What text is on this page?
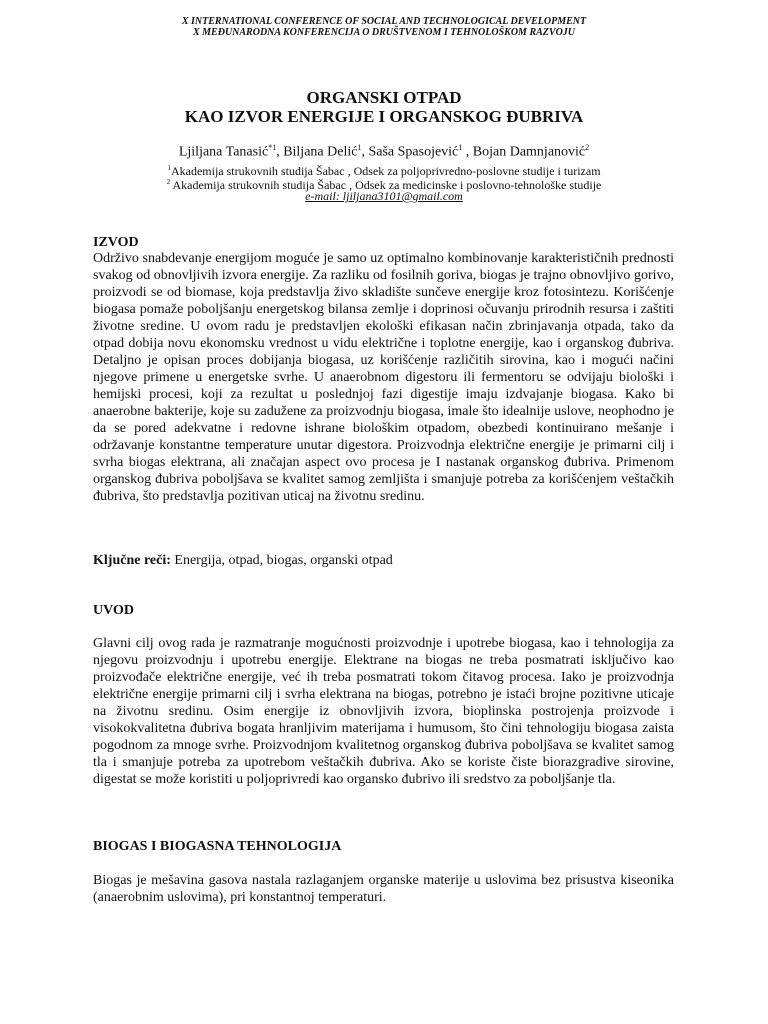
X INTERNATIONAL CONFERENCE OF SOCIAL AND TECHNOLOGICAL DEVELOPMENT
X MEĐUNARODNA KONFERENCIJA O DRUŠTVENOM I TEHNOLOŠKOM RAZVOJU
ORGANSKI OTPAD
KAO IZVOR ENERGIJE I ORGANSKOG ĐUBRIVA
Ljiljana Tanasić$^{*1}$, Biljana Delić$^1$, Saša Spasojević$^1$ , Bojan Damnjanović$^2$
$^1$Akademija strukovnih studija Šabac , Odsek za poljoprivredno-poslovne studije i turizam
$^2$ Akademija strukovnih studija Šabac , Odsek za medicinske i poslovno-tehnološke studije
e-mail: ljiljana3101@gmail.com
IZVOD

Održivo snabdevanje energijom moguće je samo uz optimalno kombinovanje karakterističnih prednosti svakog od obnovljivih izvora energije. Za razliku od fosilnih goriva, biogas je trajno obnovljivo gorivo, proizvodi se od biomase, koja predstavlja živo skladište sunčeve energije kroz fotosintezu. Korišćenje biogasa pomaže poboljšanju energetskog bilansa zemlje i doprinosi očuvanju prirodnih resursa i zaštiti životne sredine. U ovom radu je predstavljen ekološki efikasan način zbrinjavanja otpada, tako da otpad dobija novu ekonomsku vrednost u vidu električne i toplotne energije, kao i organskog đubriva. Detaljno je opisan proces dobijanja biogasa, uz korišćenje različitih sirovina, kao i mogući načini njegove primene u energetske svrhe. U anaerobnom digestoru ili fermentoru se odvijaju biološki i hemijski procesi, koji za rezultat u poslednjoj fazi digestije imaju izdvajanje biogasa. Kako bi anaerobne bakterije, koje su zadužene za proizvodnju biogasa, imale što idealnije uslove, neophodno je da se pored adekvatne i redovne ishrane biološkim otpadom, obezbedi kontinuirano mešanje i održavanje konstantne temperature unutar digestora. Proizvodnja električne energije je primarni cilj i svrha biogas elektrana, ali značajan aspect ovo procesa je I nastanak organskog đubriva. Primenom organskog đubriva poboljšava se kvalitet samog zemljišta i smanjuje potreba za korišćenjem veštačkih đubriva, što predstavlja pozitivan uticaj na životnu sredinu.

Ključne reči: Energija, otpad, biogas, organski otpad
UVOD

Glavni cilj ovog rada je razmatranje mogućnosti proizvodnje i upotrebe biogasa, kao i tehnologija za njegovu proizvodnju i upotrebu energije. Elektrane na biogas ne treba posmatrati isključivo kao proizvođače električne energije, već ih treba posmatrati tokom čitavog procesa. Iako je proizvodnja električne energije primarni cilj i svrha elektrana na biogas, potrebno je istaći brojne pozitivne uticaje na životnu sredinu. Osim energije iz obnovljivih izvora, bioplinska postrojenja proizvode i visokokvalitetna đubriva bogata hranljivim materijama i humusom, što čini tehnologiju biogasa zaista pogodnom za mnoge svrhe. Proizvodnjom kvalitetnog organskog đubriva poboljšava se kvalitet samog tla i smanjuje potreba za upotrebom veštačkih đubriva. Ako se koriste čiste biorazgradive sirovine, digestat se može koristiti u poljoprivredi kao organsko đubrivo ili sredstvo za poboljšanje tla.

BIOGAS I BIOGASNA TEHNOLOGIJA

Biogas je mešavina gasova nastala razlaganjem organske materije u uslovima bez prisustva kiseonika (anaerobnim uslovima), pri konstantnoj temperaturi.
